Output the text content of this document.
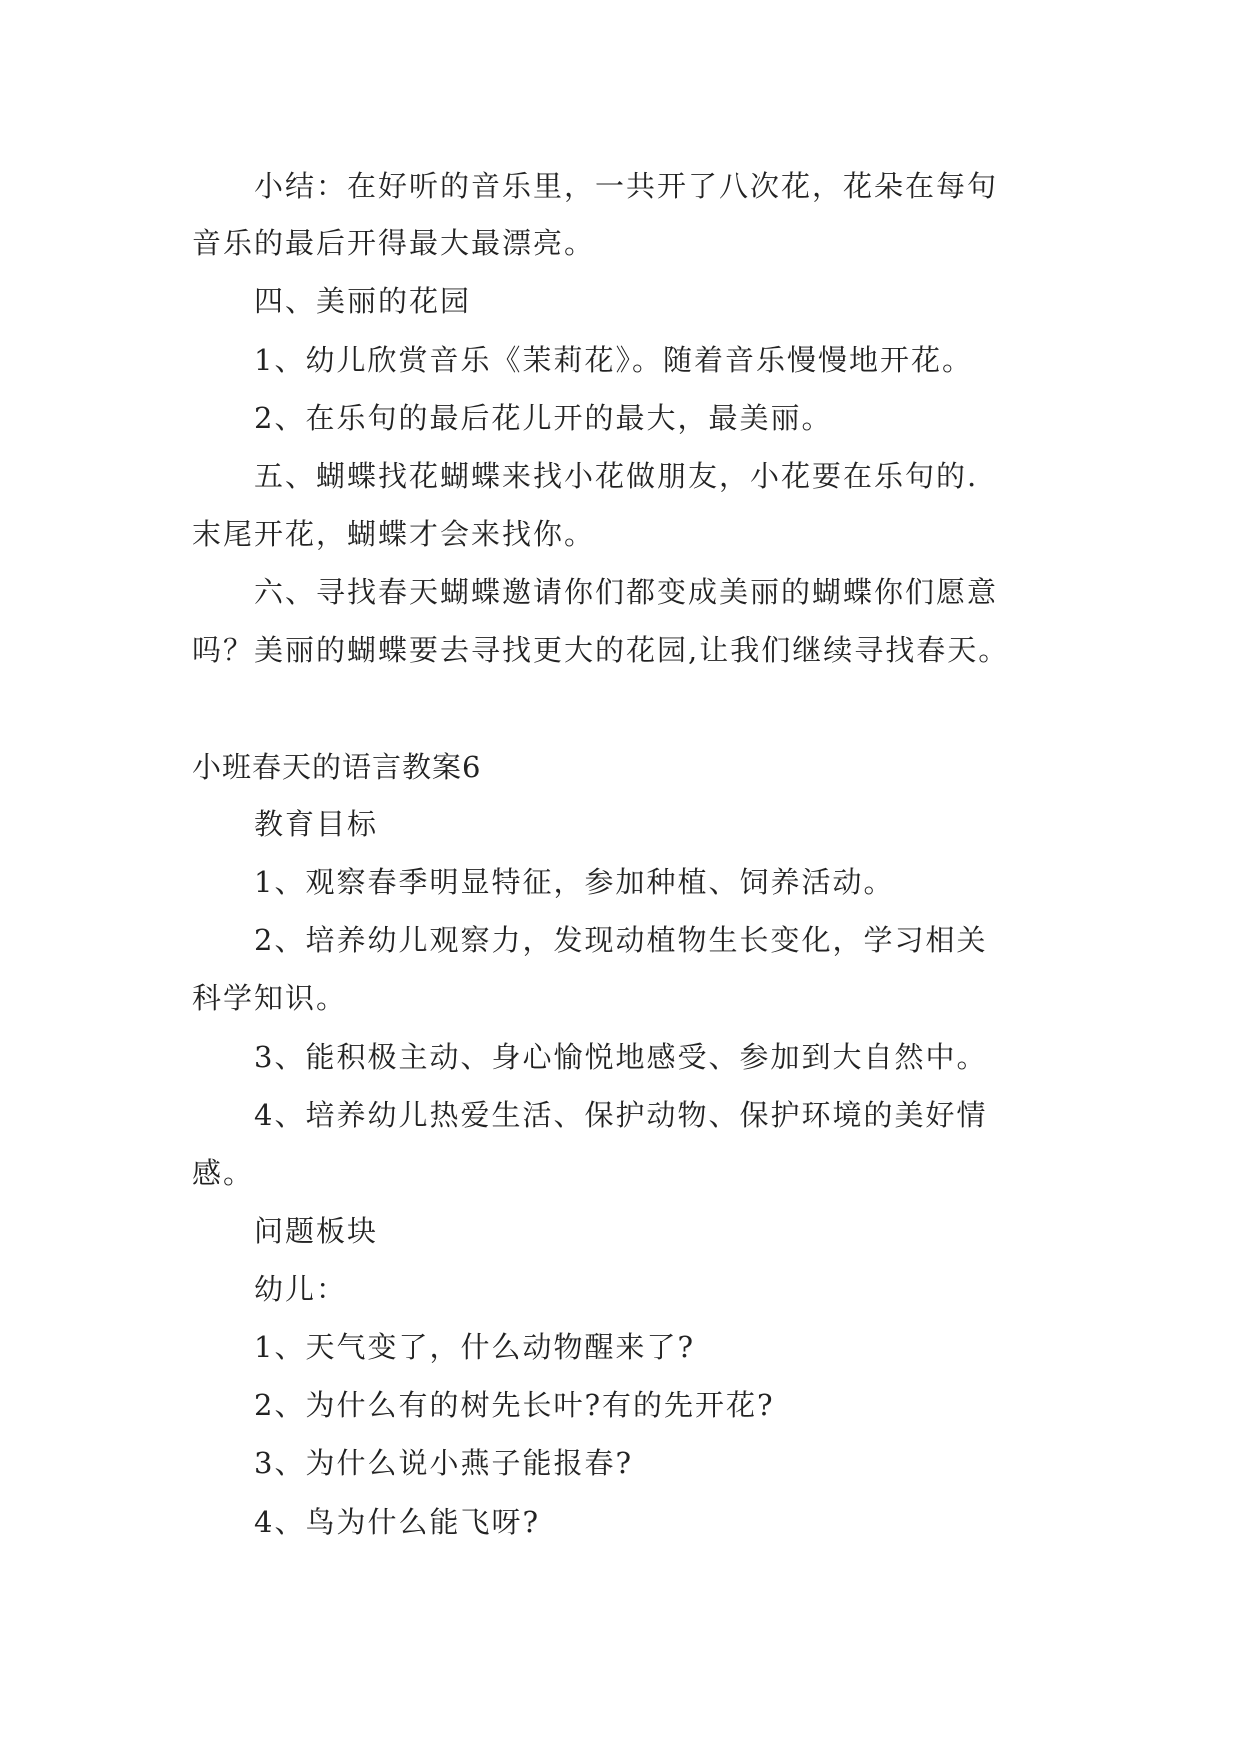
小结：在好听的音乐里，一共开了八次花，花朵在每句
音乐的最后开得最大最漂亮。
四、美丽的花园
1、幼儿欣赏音乐《茉莉花》。随着音乐慢慢地开花。
2、在乐句的最后花儿开的最大，最美丽。
五、蝴蝶找花蝴蝶来找小花做朋友，小花要在乐句的.
末尾开花，蝴蝶才会来找你。
六、寻找春天蝴蝶邀请你们都变成美丽的蝴蝶你们愿意
吗？美丽的蝴蝶要去寻找更大的花园,让我们继续寻找春天。
小班春天的语言教案6
教育目标
1、观察春季明显特征，参加种植、饲养活动。
2、培养幼儿观察力，发现动植物生长变化，学习相关
科学知识。
3、能积极主动、身心愉悦地感受、参加到大自然中。
4、培养幼儿热爱生活、保护动物、保护环境的美好情
感。
问题板块
幼儿：
1、天气变了，什么动物醒来了?
2、为什么有的树先长叶?有的先开花?
3、为什么说小燕子能报春?
4、鸟为什么能飞呀?
